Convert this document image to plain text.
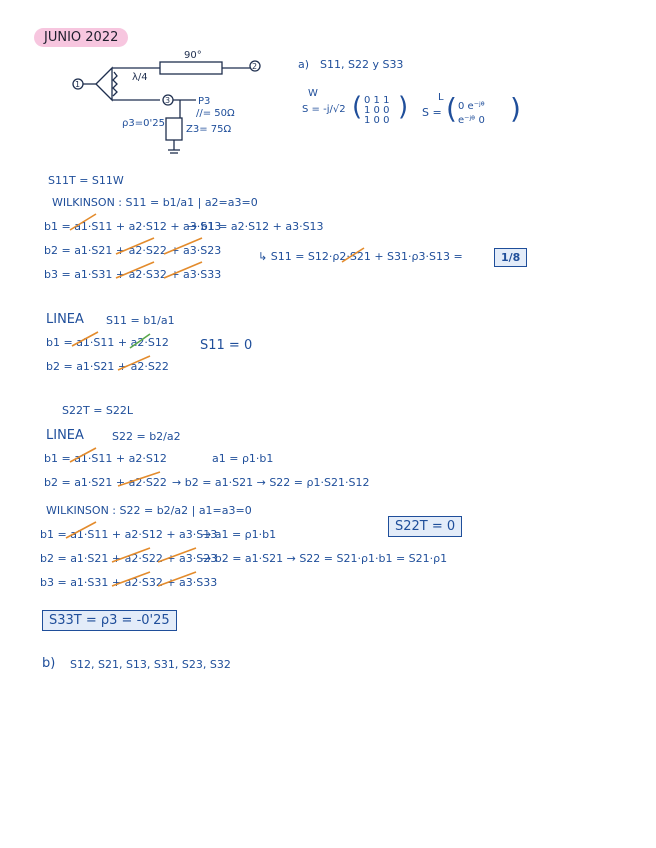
JUNIO 2022
1
2
3
90°
λ/4
P3
//= 50Ω
ρ3=0'25
Z3= 75Ω
a) S11, S22 y S33
W
S = -j/√2 ( 0 1 1
1 0 0
1 0 0 )	L
S = ( 0 e⁻ʲᶿ
e⁻ʲᶿ 0 )
S11T = S11W
WILKINSON : S11 = b1/a1 | a2=a3=0
b1 = a1·S11 + a2·S12 + a3·S13
→ b1 = a2·S12 + a3·S13
b2 = a1·S21 + a2·S22 + a3·S23
b3 = a1·S31 + a2·S32 + a3·S33
↳ S11 = S12·ρ2·S21 + S31·ρ3·S13 =	1/8
LINEA S11 = b1/a1
b1 = a1·S11 + a2·S12
b2 = a1·S21 + a2·S22
S11 = 0
S22T = S22L
LINEA	S22 = b2/a2
b1 = a1·S11 + a2·S12	a1 = ρ1·b1
b2 = a1·S21 + a2·S22 → b2 = a1·S21 → S22 = ρ1·S21·S12
WILKINSON : S22 = b2/a2 | a1=a3=0
b1 = a1·S11 + a2·S12 + a3·S13
→ a1 = ρ1·b1
b2 = a1·S21 + a2·S22 + a3·S23
→ b2 = a1·S21 → S22 = S21·ρ1·b1 = S21·ρ1
b3 = a1·S31 + a2·S32 + a3·S33
S22T = 0
S33T = ρ3 = -0'25
b) S12, S21, S13, S31, S23, S32
